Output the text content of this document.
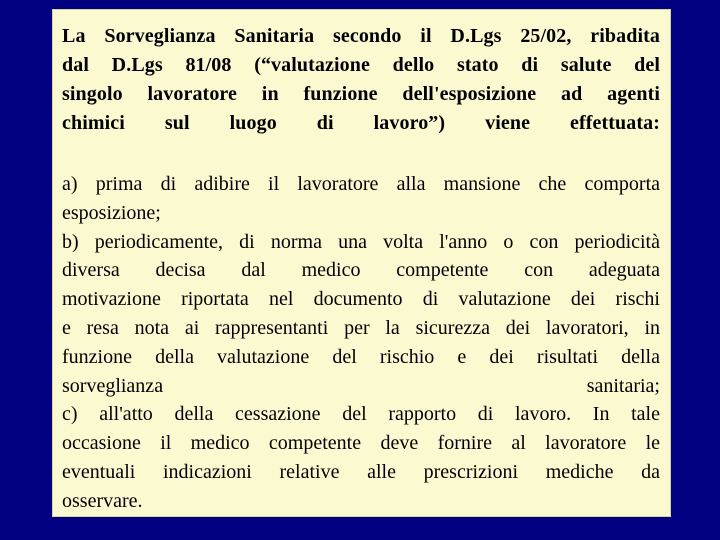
La Sorveglianza Sanitaria secondo il D.Lgs 25/02, ribadita
dal D.Lgs 81/08 (“valutazione dello stato di salute del
singolo lavoratore in funzione dell'esposizione ad agenti
chimici sul luogo di lavoro”) viene effettuata:

a) prima di adibire il lavoratore alla mansione che comporta
esposizione;
b) periodicamente, di norma una volta l'anno o con periodicità
diversa decisa dal medico competente con adeguata
motivazione riportata nel documento di valutazione dei rischi
e resa nota ai rappresentanti per la sicurezza dei lavoratori, in
funzione della valutazione del rischio e dei risultati della
sorveglianza sanitaria;
c) all'atto della cessazione del rapporto di lavoro. In tale
occasione il medico competente deve fornire al lavoratore le
eventuali indicazioni relative alle prescrizioni mediche da
osservare.
